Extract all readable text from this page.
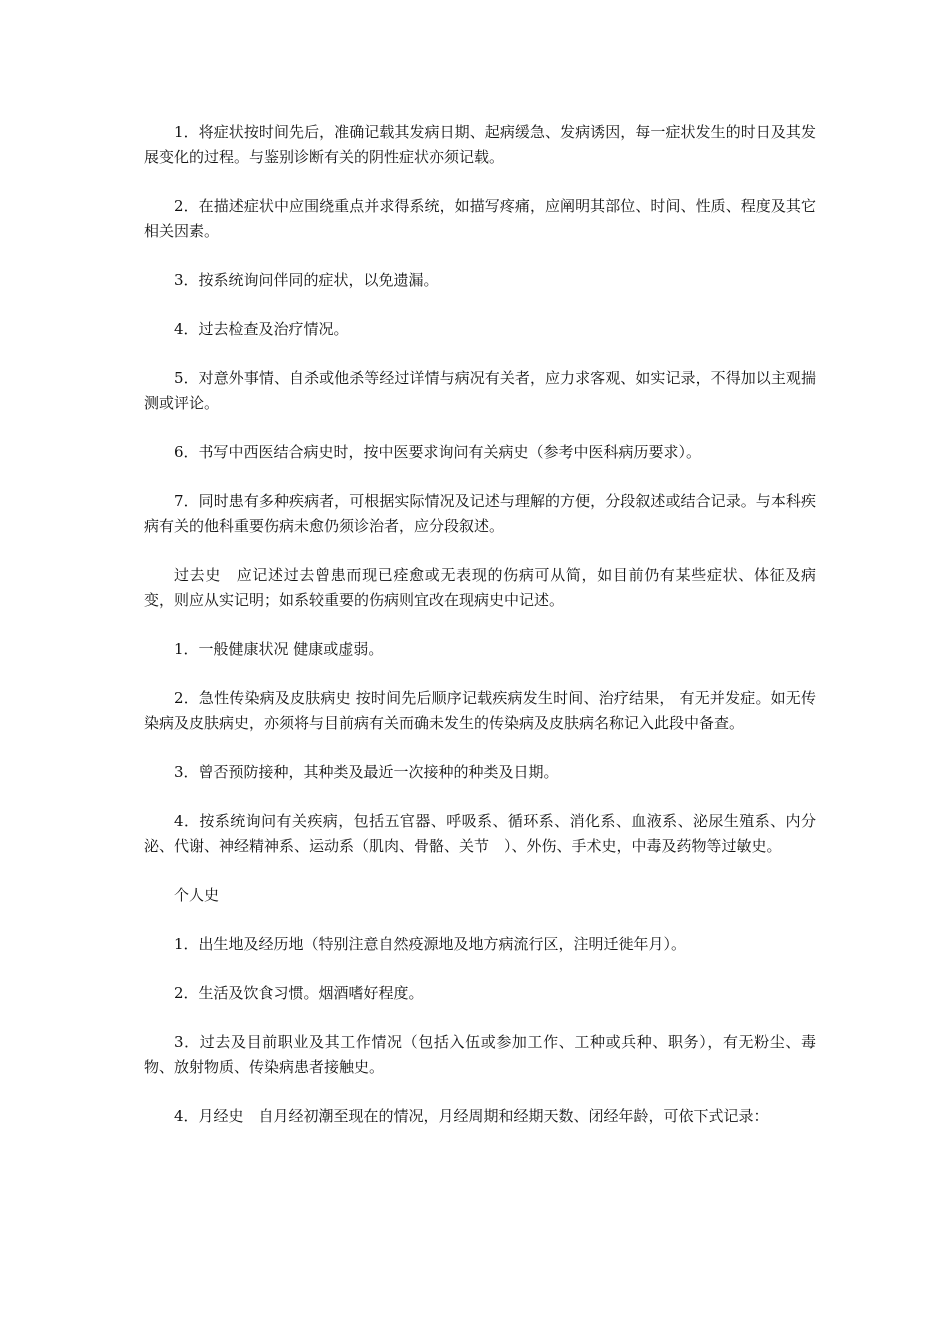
1．将症状按时间先后，准确记载其发病日期、起病缓急、发病诱因，每一症状发生的时日及其发展变化的过程。与鉴别诊断有关的阴性症状亦须记载。

2．在描述症状中应围绕重点并求得系统，如描写疼痛，应阐明其部位、时间、性质、程度及其它相关因素。

3．按系统询问伴同的症状，以免遗漏。

4．过去检查及治疗情况。

5．对意外事情、自杀或他杀等经过详情与病况有关者，应力求客观、如实记录，不得加以主观揣测或评论。

6．书写中西医结合病史时，按中医要求询问有关病史（参考中医科病历要求）。

7．同时患有多种疾病者，可根据实际情况及记述与理解的方便，分段叙述或结合记录。与本科疾病有关的他科重要伤病未愈仍须诊治者，应分段叙述。

过去史　应记述过去曾患而现已痊愈或无表现的伤病可从简，如目前仍有某些症状、体征及病变，则应从实记明；如系较重要的伤病则宜改在现病史中记述。

1．一般健康状况 健康或虚弱。

2．急性传染病及皮肤病史 按时间先后顺序记载疾病发生时间、治疗结果， 有无并发症。如无传染病及皮肤病史，亦须将与目前病有关而确未发生的传染病及皮肤病名称记入此段中备查。

3．曾否预防接种，其种类及最近一次接种的种类及日期。

4．按系统询问有关疾病，包括五官器、呼吸系、循环系、消化系、血液系、泌尿生殖系、内分泌、代谢、神经精神系、运动系（肌肉、骨骼、关节　）、外伤、手术史，中毒及药物等过敏史。

个人史

1．出生地及经历地（特别注意自然疫源地及地方病流行区，注明迁徙年月）。

2．生活及饮食习惯。烟酒嗜好程度。

3．过去及目前职业及其工作情况（包括入伍或参加工作、工种或兵种、职务），有无粉尘、毒物、放射物质、传染病患者接触史。

4．月经史　自月经初潮至现在的情况，月经周期和经期天数、闭经年龄，可依下式记录：
